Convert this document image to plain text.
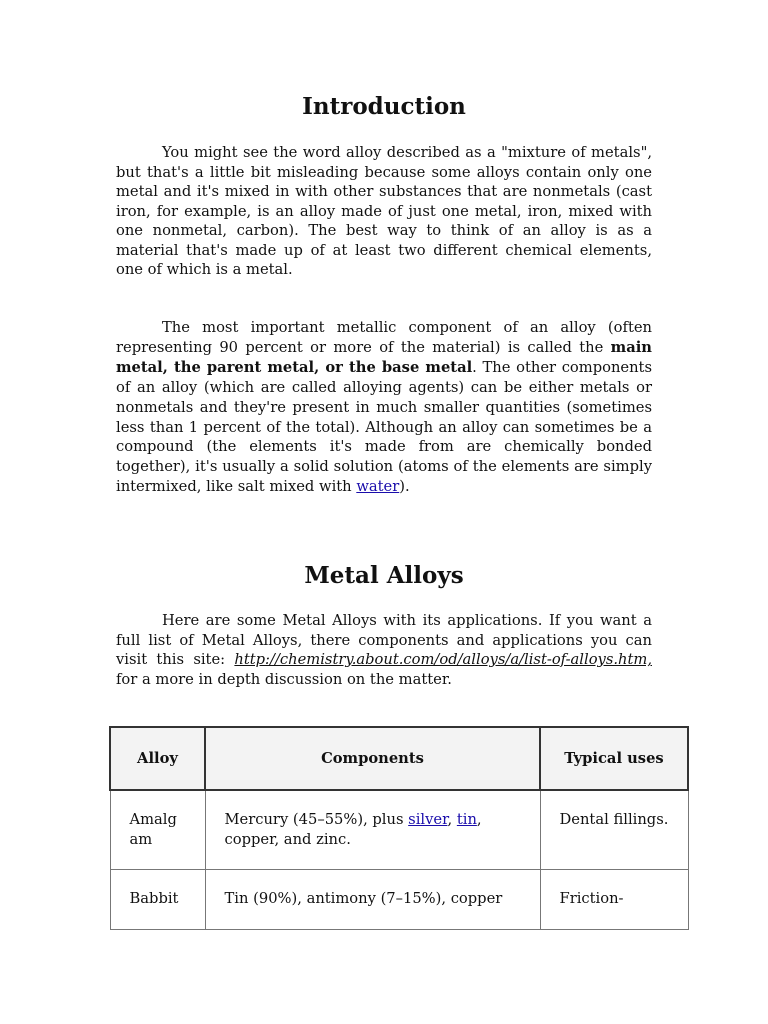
Introduction

You might see the word alloy described as a "mixture of metals", but that's a little bit misleading because some alloys contain only one metal and it's mixed in with other substances that are nonmetals (cast iron, for example, is an alloy made of just one metal, iron, mixed with one nonmetal, carbon). The best way to think of an alloy is as a material that's made up of at least two different chemical elements, one of which is a metal.

The most important metallic component of an alloy (often representing 90 percent or more of the material) is called the main metal, the parent metal, or the base metal. The other components of an alloy (which are called alloying agents) can be either metals or nonmetals and they're present in much smaller quantities (sometimes less than 1 percent of the total). Although an alloy can sometimes be a compound (the elements it's made from are chemically bonded together), it's usually a solid solution (atoms of the elements are simply intermixed, like salt mixed with water).

Metal Alloys

Here are some Metal Alloys with its applications. If you want a full list of Metal Alloys, there components and applications you can visit this site: http://chemistry.about.com/od/alloys/a/list-of-alloys.htm, for a more in depth discussion on the matter.

Alloy	Components	Typical uses

Amalg am	Mercury (45–55%), plus silver, tin, copper, and zinc.	Dental fillings.

Babbit	Tin (90%), antimony (7–15%), copper	Friction-
